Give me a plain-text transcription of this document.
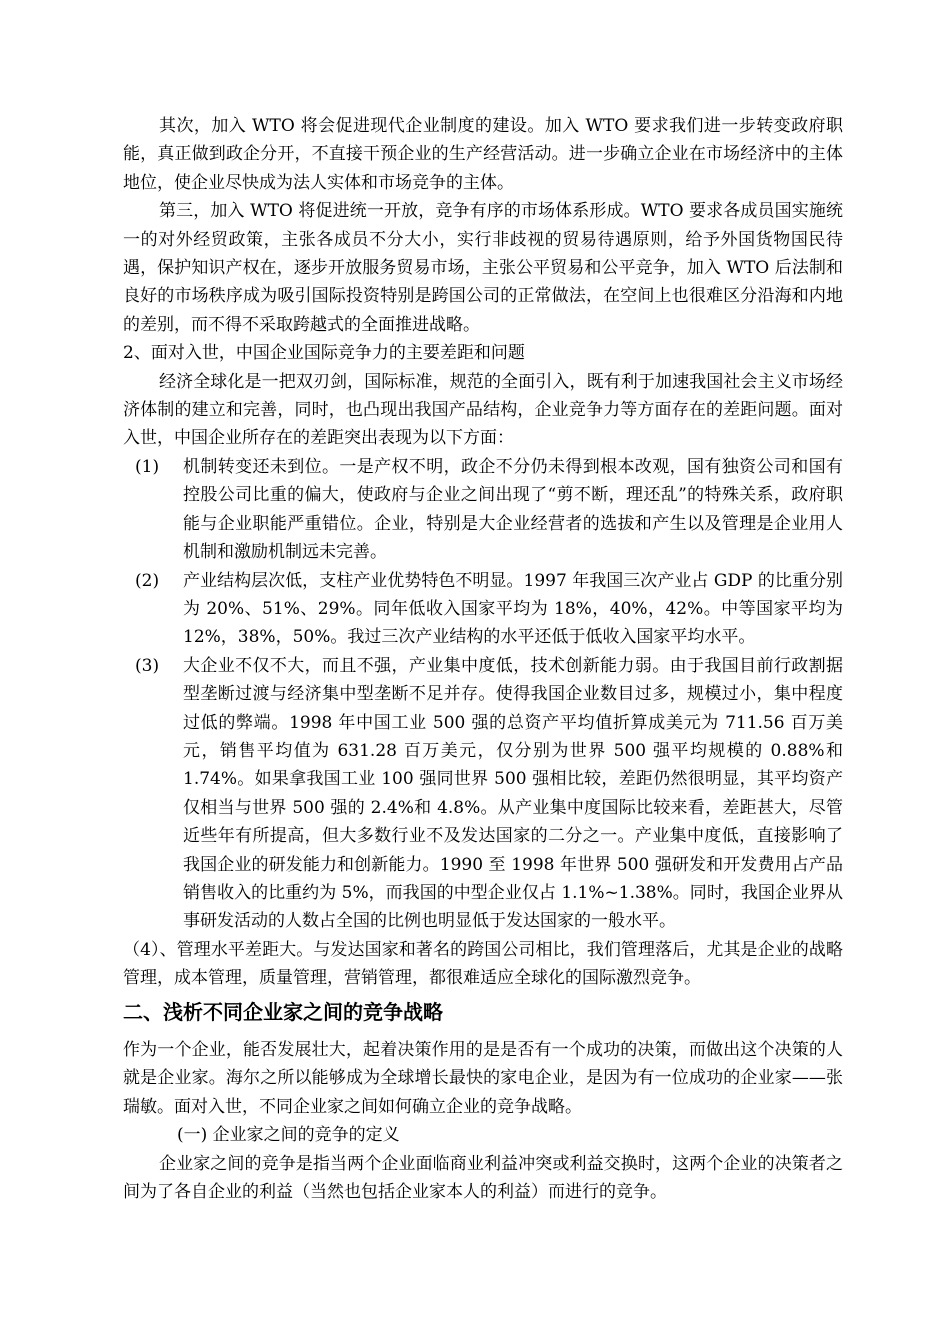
其次，加入 WTO 将会促进现代企业制度的建设。加入 WTO 要求我们进一步转变政府职能，真正做到政企分开，不直接干预企业的生产经营活动。进一步确立企业在市场经济中的主体地位，使企业尽快成为法人实体和市场竞争的主体。

第三，加入 WTO 将促进统一开放，竞争有序的市场体系形成。WTO 要求各成员国实施统一的对外经贸政策，主张各成员不分大小，实行非歧视的贸易待遇原则，给予外国货物国民待遇，保护知识产权在，逐步开放服务贸易市场，主张公平贸易和公平竞争，加入 WTO 后法制和良好的市场秩序成为吸引国际投资特别是跨国公司的正常做法，在空间上也很难区分沿海和内地的差别，而不得不采取跨越式的全面推进战略。

2、面对入世，中国企业国际竞争力的主要差距和问题

经济全球化是一把双刃剑，国际标准，规范的全面引入，既有利于加速我国社会主义市场经济体制的建立和完善，同时，也凸现出我国产品结构，企业竞争力等方面存在的差距问题。面对入世，中国企业所存在的差距突出表现为以下方面：

(1) 机制转变还未到位。一是产权不明，政企不分仍未得到根本改观，国有独资公司和国有控股公司比重的偏大，使政府与企业之间出现了“剪不断，理还乱”的特殊关系，政府职能与企业职能严重错位。企业，特别是大企业经营者的选拔和产生以及管理是企业用人机制和激励机制远未完善。
(2) 产业结构层次低，支柱产业优势特色不明显。1997 年我国三次产业占 GDP 的比重分别为 20%、51%、29%。同年低收入国家平均为 18%，40%，42%。中等国家平均为 12%，38%，50%。我过三次产业结构的水平还低于低收入国家平均水平。
(3) 大企业不仅不大，而且不强，产业集中度低，技术创新能力弱。由于我国目前行政割据型垄断过渡与经济集中型垄断不足并存。使得我国企业数目过多，规模过小，集中程度过低的弊端。1998 年中国工业 500 强的总资产平均值折算成美元为 711.56 百万美元，销售平均值为 631.28 百万美元，仅分别为世界 500 强平均规模的 0.88%和 1.74%。如果拿我国工业 100 强同世界 500 强相比较，差距仍然很明显，其平均资产仅相当与世界 500 强的 2.4%和 4.8%。从产业集中度国际比较来看，差距甚大，尽管近些年有所提高，但大多数行业不及发达国家的二分之一。产业集中度低，直接影响了我国企业的研发能力和创新能力。1990 至 1998 年世界 500 强研发和开发费用占产品销售收入的比重约为 5%，而我国的中型企业仅占 1.1%~1.38%。同时，我国企业界从事研发活动的人数占全国的比例也明显低于发达国家的一般水平。

（4）、管理水平差距大。与发达国家和著名的跨国公司相比，我们管理落后，尤其是企业的战略管理，成本管理，质量管理，营销管理，都很难适应全球化的国际激烈竞争。

二、浅析不同企业家之间的竞争战略

作为一个企业，能否发展壮大，起着决策作用的是是否有一个成功的决策，而做出这个决策的人就是企业家。海尔之所以能够成为全球增长最快的家电企业，是因为有一位成功的企业家——张瑞敏。面对入世，不同企业家之间如何确立企业的竞争战略。

(一) 企业家之间的竞争的定义

企业家之间的竞争是指当两个企业面临商业利益冲突或利益交换时，这两个企业的决策者之间为了各自企业的利益（当然也包括企业家本人的利益）而进行的竞争。
